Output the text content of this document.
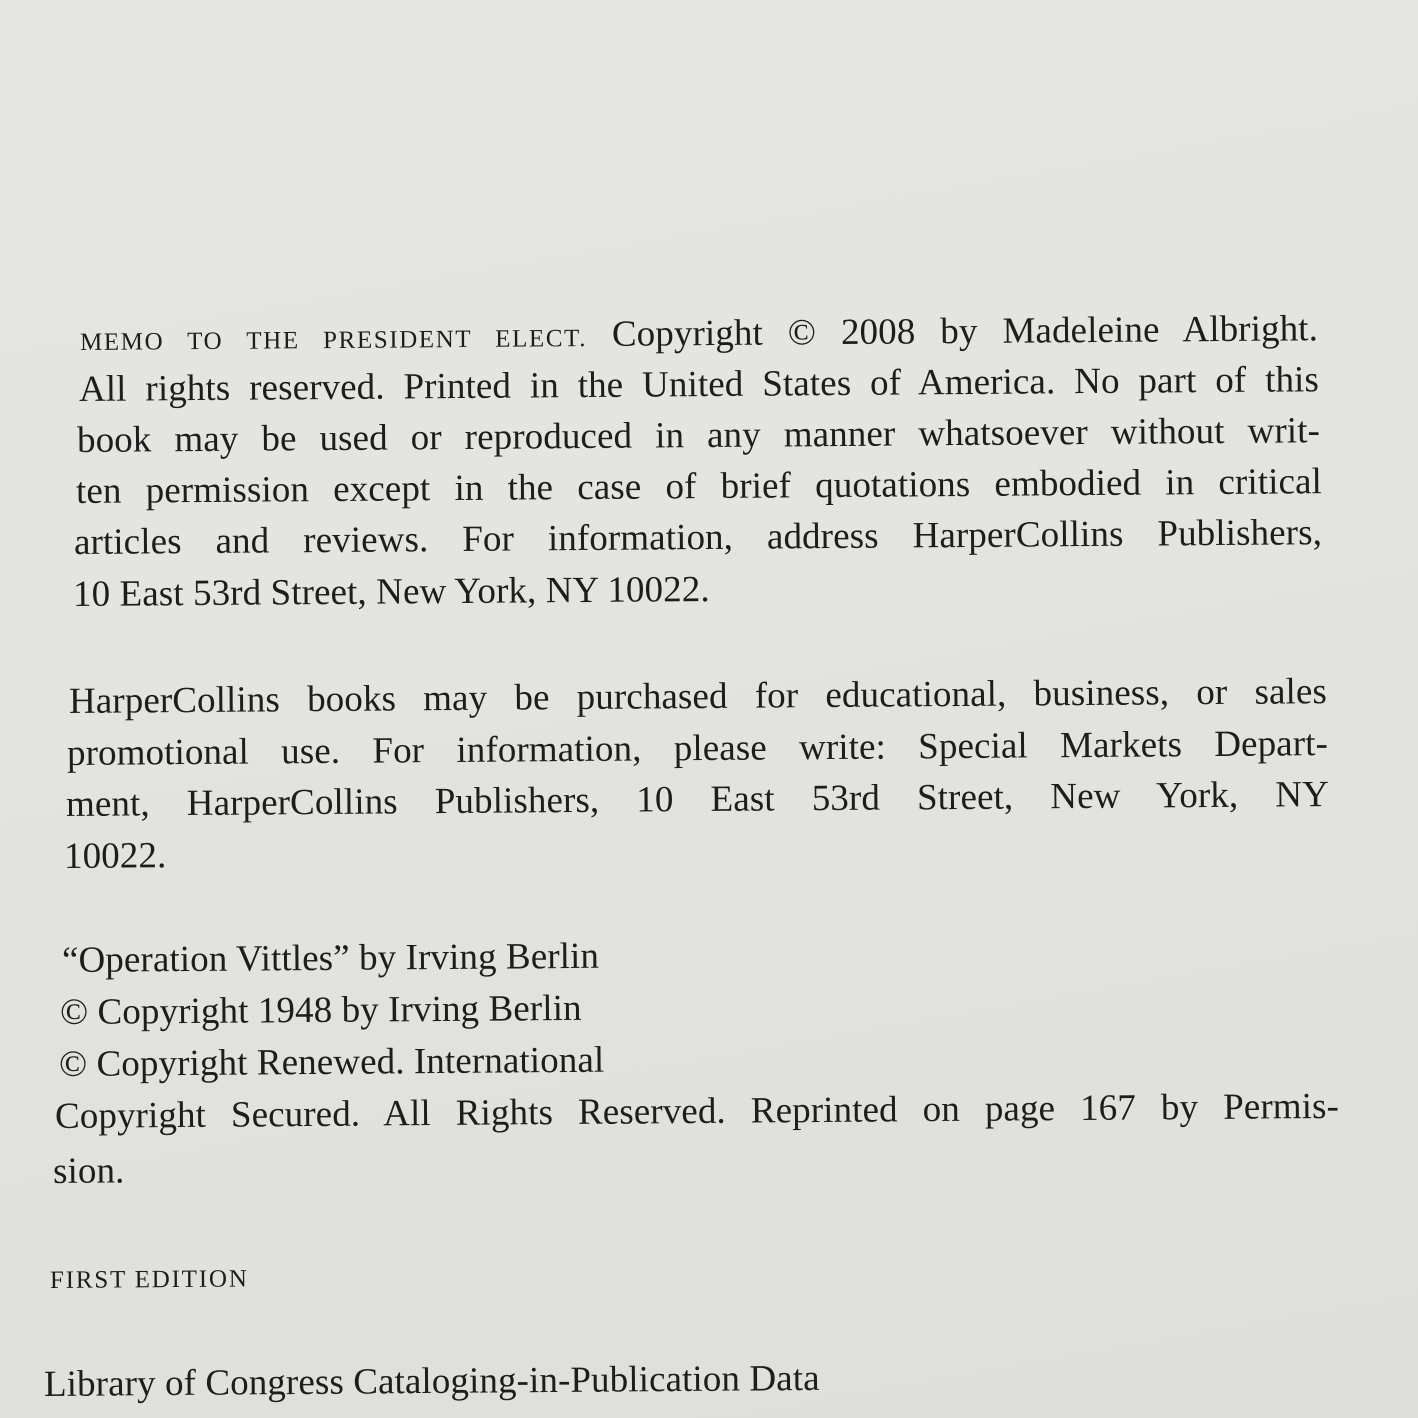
MEMO TO THE PRESIDENT ELECT. Copyright © 2008 by Madeleine Albright.

All rights reserved. Printed in the United States of America. No part of this

book may be used or reproduced in any manner whatsoever without writ-

ten permission except in the case of brief quotations embodied in critical

articles and reviews. For information, address HarperCollins Publishers,

10 East 53rd Street, New York, NY 10022.

HarperCollins books may be purchased for educational, business, or sales

promotional use. For information, please write: Special Markets Depart-

ment, HarperCollins Publishers, 10 East 53rd Street, New York, NY

10022.

“Operation Vittles” by Irving Berlin

© Copyright 1948 by Irving Berlin

© Copyright Renewed. International

Copyright Secured. All Rights Reserved. Reprinted on page 167 by Permis-

sion.

FIRST EDITION

Library of Congress Cataloging-in-Publication Data
